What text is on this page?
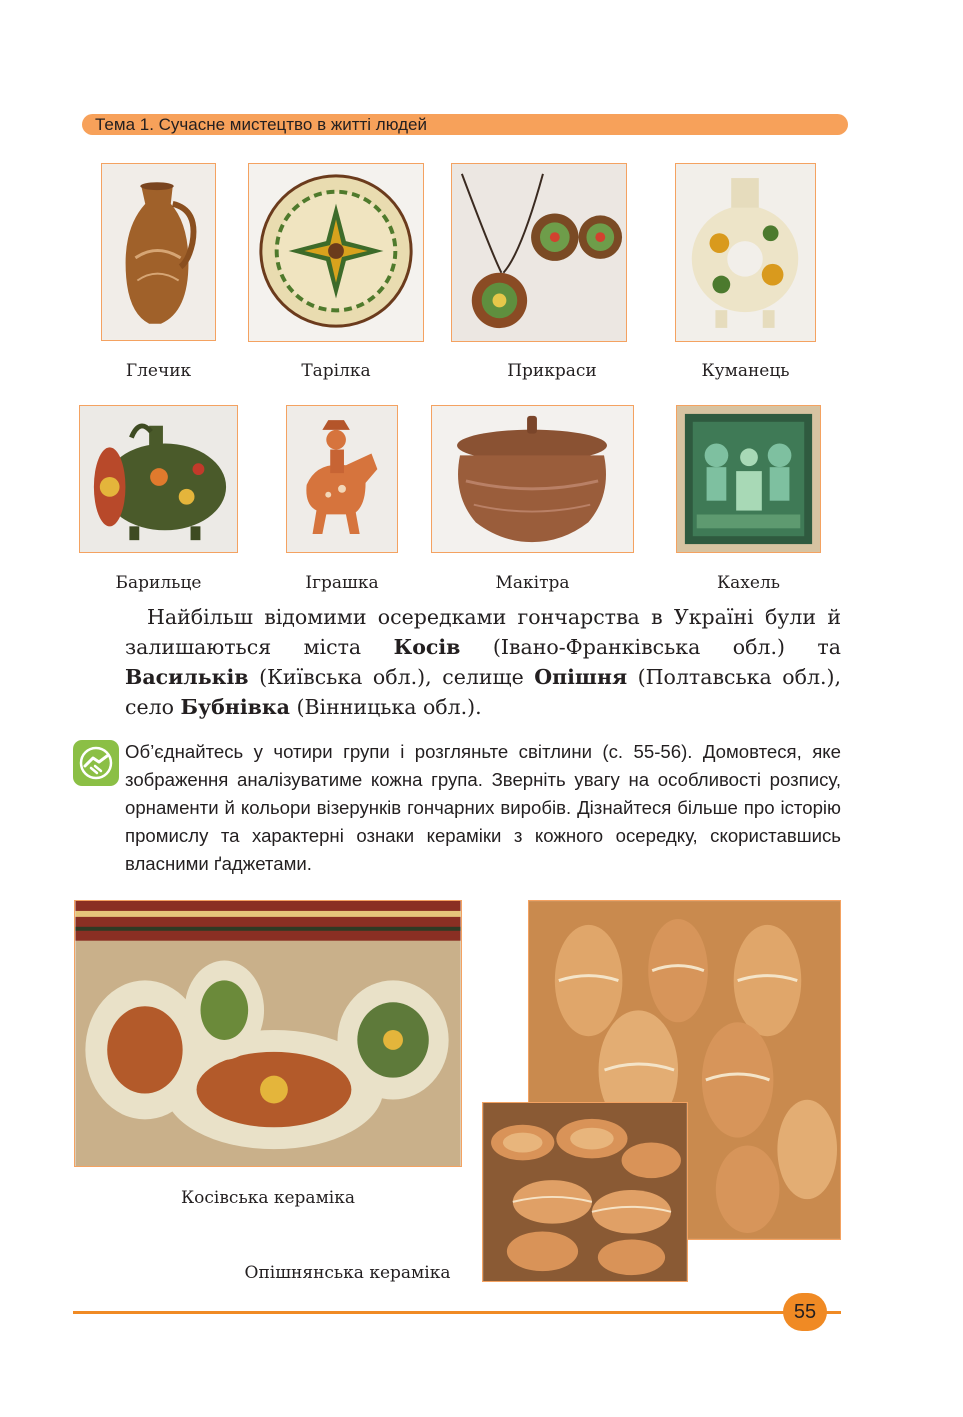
Тема 1. Сучасне мистецтво в житті людей
Глечик	Тарілка	Прикраси	Куманець
Барильце	Іграшка	Макітра	Кахель
Найбільш відомими осередками гончарства в Україні були й залишаються міста Косів (Івано-Франківська обл.) та Васильків (Київська обл.), селище Опішня (Полтавська обл.), село Бубнівка (Вінницька обл.).
Об’єднайтесь у чотири групи і розгляньте світлини (с. 55-56). Домовтеся, яке зображення аналізуватиме кожна група. Зверніть увагу на особливості розпису, орнаменти й кольори візерунків гончарних виробів. Дізнайтеся більше про історію промислу та характерні ознаки кераміки з кожного осередку, скориставшись власними ґаджетами.
Косівська кераміка
Опішнянська кераміка
55
